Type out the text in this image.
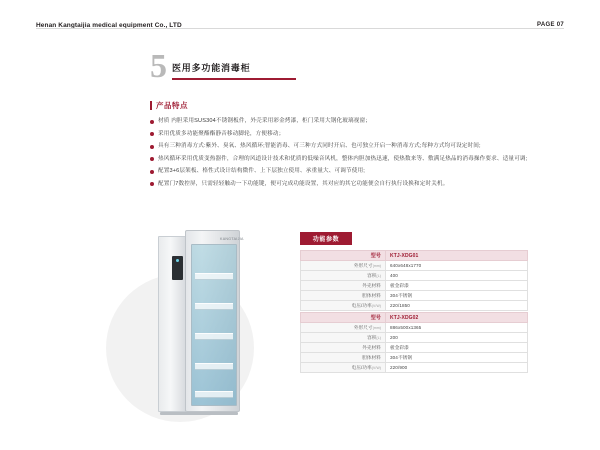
Henan Kangtaijia medical equipment Co., LTD	PAGE 07
5 医用多功能消毒柜
产品特点
材质 内胆采用SUS304不锈钢板件，外壳采用彩金烤漆，柜门采用大钢化玻璃视窗；
采用优质多功能聚酯酯静音移动脚轮，方便移动；
具有三种消毒方式:紫外、臭氧、热风循环;智能消毒、可三种方式同时开启、也可独立开启一种消毒方式;每种方式均可设定时间;
热风循环采用优质变热器件，合理的风道设计技术和优质的低噪音风机，整体内胆加热迅速，使热数来等、敷满足热品的消毒操作要求、适量可调;
配置3+6层架板、格性式设计结构微件、上下层独立使用、承重量大、可调节使用;
配置门7数控屏，只需轻轻触动一下功能键，便可完成功能设置，其对应的其它功能便会自行执行设换和定时关机。
KANGTAIJIA	功能参数
型号	KTJ-XDG01
外形尺寸(mm)	640x648x1770
容积(L)	400
外壳材料	板金彩漆
胆体材料	304不锈钢
电压/功率(V/W)	220/1850
型号	KTJ-XDG02
外形尺寸(mm)	886x500x1365
容积(L)	200
外壳材料	板金彩漆
胆体材料	304不锈钢
电压/功率(V/W)	220/900
